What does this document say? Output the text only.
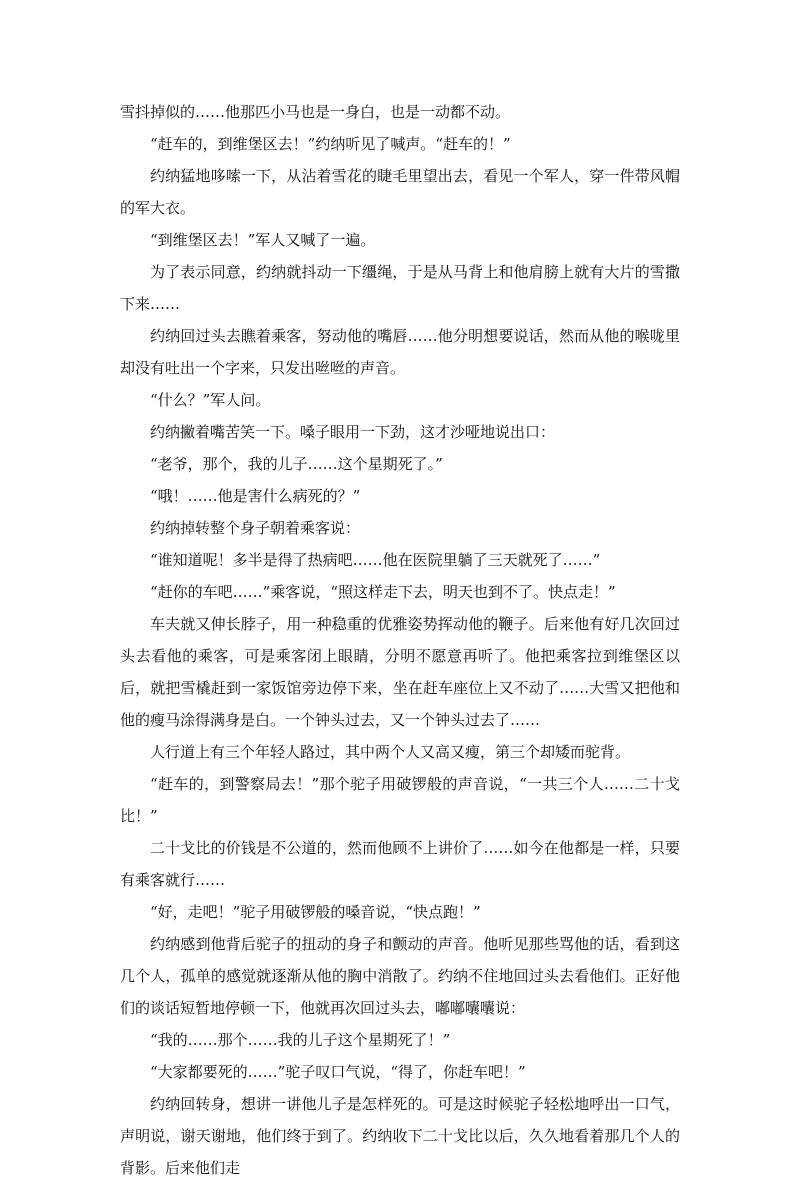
雪抖掉似的……他那匹小马也是一身白，也是一动都不动。

“赶车的，到维堡区去！”约纳听见了喊声。“赶车的！”

约纳猛地哆嗦一下，从沾着雪花的睫毛里望出去，看见一个军人，穿一件带风帽的军大衣。

“到维堡区去！”军人又喊了一遍。

为了表示同意，约纳就抖动一下缰绳，于是从马背上和他肩膀上就有大片的雪撒下来……

约纳回过头去瞧着乘客，努动他的嘴唇……他分明想要说话，然而从他的喉咙里却没有吐出一个字来，只发出咝咝的声音。

“什么？”军人问。

约纳撇着嘴苦笑一下。嗓子眼用一下劲，这才沙哑地说出口：

“老爷，那个，我的儿子……这个星期死了。”

“哦！……他是害什么病死的？”

约纳掉转整个身子朝着乘客说：

“谁知道呢！多半是得了热病吧……他在医院里躺了三天就死了……”

“赶你的车吧……”乘客说，“照这样走下去，明天也到不了。快点走！”

车夫就又伸长脖子，用一种稳重的优雅姿势挥动他的鞭子。后来他有好几次回过头去看他的乘客，可是乘客闭上眼睛，分明不愿意再听了。他把乘客拉到维堡区以后，就把雪橇赶到一家饭馆旁边停下来，坐在赶车座位上又不动了……大雪又把他和他的瘦马涂得满身是白。一个钟头过去，又一个钟头过去了……

人行道上有三个年轻人路过，其中两个人又高又瘦，第三个却矮而驼背。

“赶车的，到警察局去！”那个驼子用破锣般的声音说，“一共三个人……二十戈比！”

二十戈比的价钱是不公道的，然而他顾不上讲价了……如今在他都是一样，只要有乘客就行……

“好，走吧！”驼子用破锣般的嗓音说，“快点跑！”

约纳感到他背后驼子的扭动的身子和颤动的声音。他听见那些骂他的话，看到这几个人，孤单的感觉就逐渐从他的胸中消散了。约纳不住地回过头去看他们。正好他们的谈话短暂地停顿一下，他就再次回过头去，嘟嘟囔囔说：

“我的……那个……我的儿子这个星期死了！”

“大家都要死的……”驼子叹口气说，“得了，你赶车吧！”

约纳回转身，想讲一讲他儿子是怎样死的。可是这时候驼子轻松地呼出一口气，声明说，谢天谢地，他们终于到了。约纳收下二十戈比以后，久久地看着那几个人的背影。后来他们走
